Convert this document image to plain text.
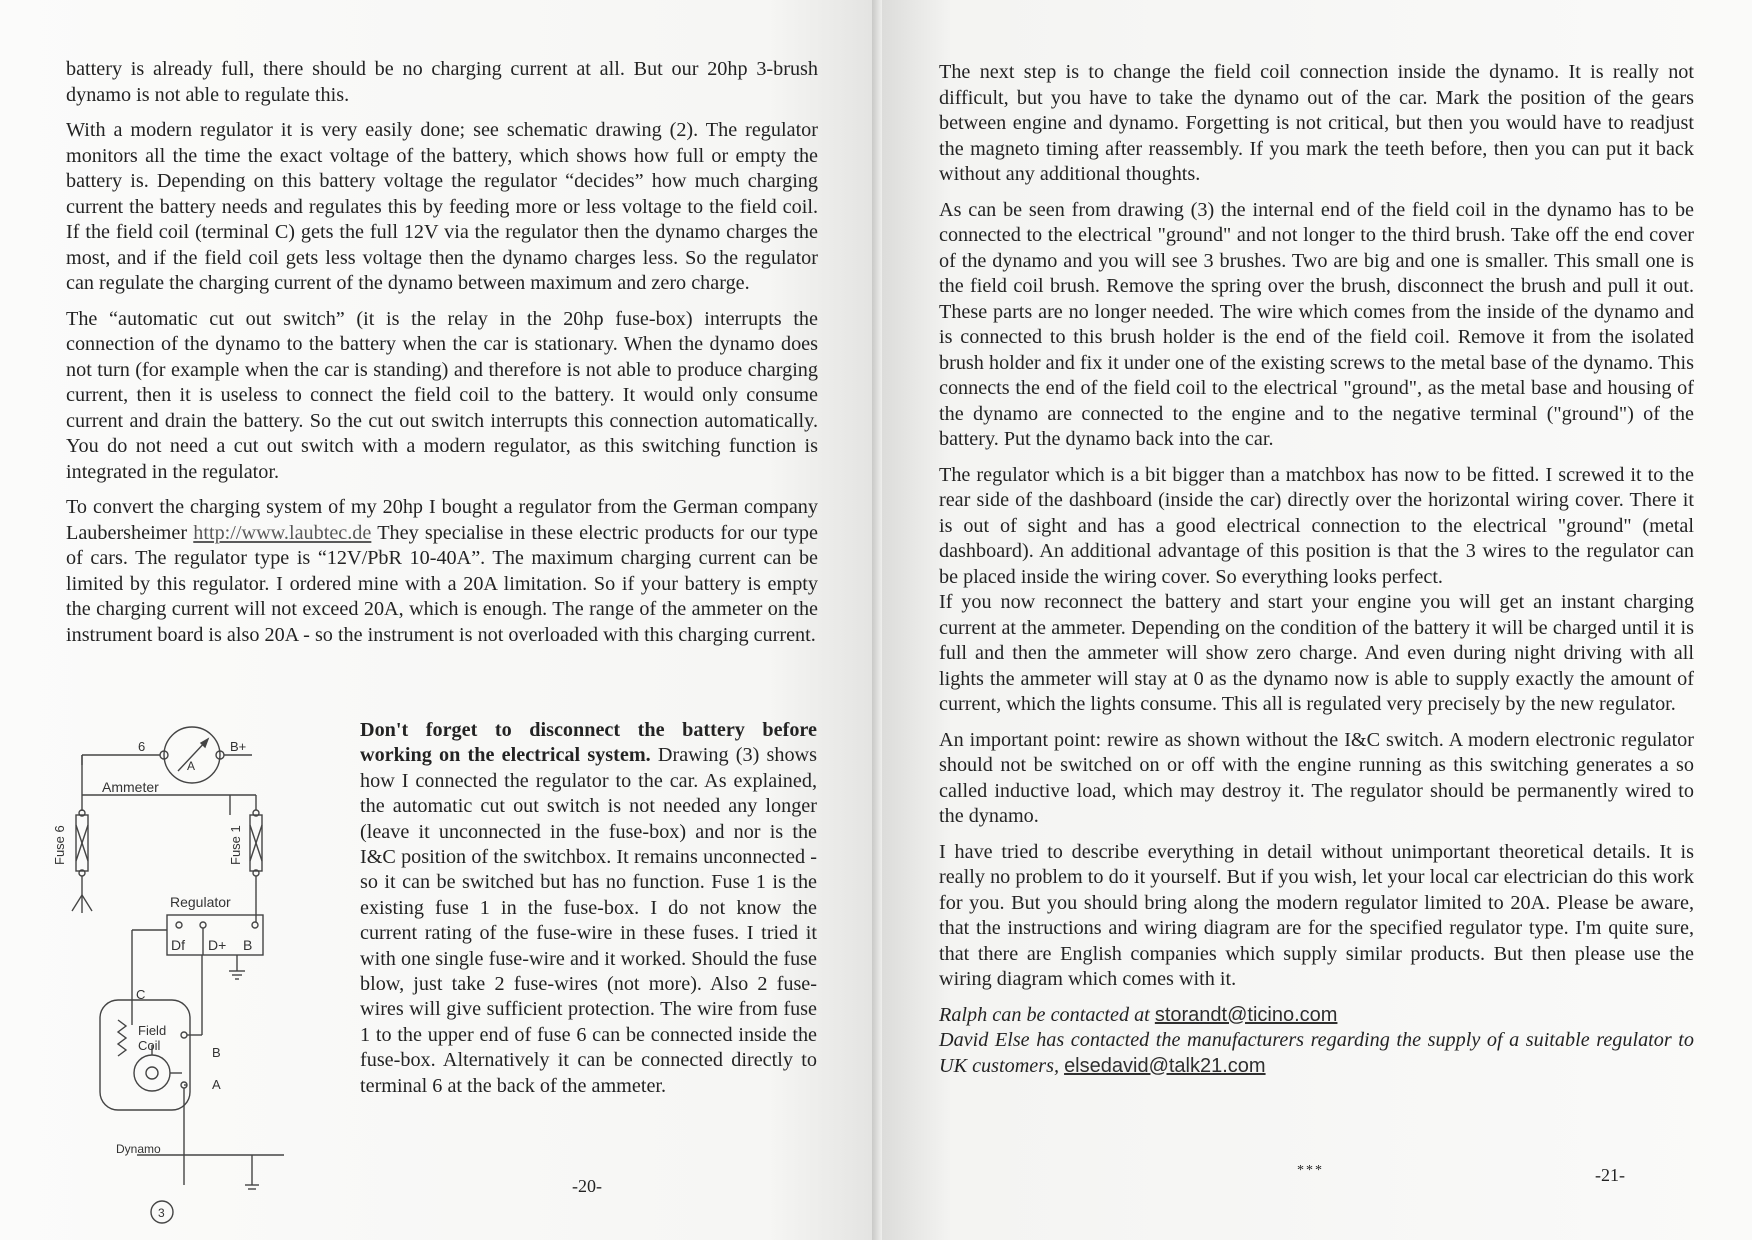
battery is already full, there should be no charging current at all. But our 20hp 3-brush dynamo is not able to regulate this.

With a modern regulator it is very easily done; see schematic drawing (2). The regulator monitors all the time the exact voltage of the battery, which shows how full or empty the battery is. Depending on this battery voltage the regulator “decides” how much charging current the battery needs and regulates this by feeding more or less voltage to the field coil. If the field coil (terminal C) gets the full 12V via the regulator then the dynamo charges the most, and if the field coil gets less voltage then the dynamo charges less. So the regulator can regulate the charging current of the dynamo between maximum and zero charge.

The “automatic cut out switch” (it is the relay in the 20hp fuse-box) interrupts the connection of the dynamo to the battery when the car is stationary. When the dynamo does not turn (for example when the car is standing) and therefore is not able to produce charging current, then it is useless to connect the field coil to the battery. It would only consume current and drain the battery. So the cut out switch interrupts this connection automatically. You do not need a cut out switch with a modern regulator, as this switching function is integrated in the regulator.

To convert the charging system of my 20hp I bought a regulator from the German company Laubersheimer http://www.laubtec.de They specialise in these electric products for our type of cars. The regulator type is “12V/PbR 10-40A”. The maximum charging current can be limited by this regulator. I ordered mine with a 20A limitation. So if your battery is empty the charging current will not exceed 20A, which is enough. The range of the ammeter on the instrument board is also 20A - so the instrument is not overloaded with this charging current.

6	B+
A
Ammeter
Fuse 6	Fuse 1
Regulator
Df D+ B
C
Field
Coil	B
A
Dynamo
3
Don't forget to disconnect the battery before working on the electrical system. Drawing (3) shows how I connected the regulator to the car. As explained, the automatic cut out switch is not needed any longer (leave it unconnected in the fuse-box) and nor is the I&C position of the switchbox. It remains unconnected - so it can be switched but has no function. Fuse 1 is the existing fuse 1 in the fuse-box. I do not know the current rating of the fuse-wire in these fuses. I tried it with one single fuse-wire and it worked. Should the fuse blow, just take 2 fuse-wires (not more). Also 2 fuse-wires will give sufficient protection. The wire from fuse 1 to the upper end of fuse 6 can be connected inside the fuse-box. Alternatively it can be connected directly to terminal 6 at the back of the ammeter.
-20-

The next step is to change the field coil connection inside the dynamo. It is really not difficult, but you have to take the dynamo out of the car. Mark the position of the gears between engine and dynamo. Forgetting is not critical, but then you would have to readjust the magneto timing after reassembly. If you mark the teeth before, then you can put it back without any additional thoughts.

As can be seen from drawing (3) the internal end of the field coil in the dynamo has to be connected to the electrical "ground" and not longer to the third brush. Take off the end cover of the dynamo and you will see 3 brushes. Two are big and one is smaller. This small one is the field coil brush. Remove the spring over the brush, disconnect the brush and pull it out. These parts are no longer needed. The wire which comes from the inside of the dynamo and is connected to this brush holder is the end of the field coil. Remove it from the isolated brush holder and fix it under one of the existing screws to the metal base of the dynamo. This connects the end of the field coil to the electrical "ground", as the metal base and housing of the dynamo are connected to the engine and to the negative terminal ("ground") of the battery. Put the dynamo back into the car.

The regulator which is a bit bigger than a matchbox has now to be fitted. I screwed it to the rear side of the dashboard (inside the car) directly over the horizontal wiring cover. There it is out of sight and has a good electrical connection to the electrical "ground" (metal dashboard). An additional advantage of this position is that the 3 wires to the regulator can be placed inside the wiring cover. So everything looks perfect.

If you now reconnect the battery and start your engine you will get an instant charging current at the ammeter. Depending on the condition of the battery it will be charged until it is full and then the ammeter will show zero charge. And even during night driving with all lights the ammeter will stay at 0 as the dynamo now is able to supply exactly the amount of current, which the lights consume. This all is regulated very precisely by the new regulator.

An important point: rewire as shown without the I&C switch. A modern electronic regulator should not be switched on or off with the engine running as this switching generates a so called inductive load, which may destroy it. The regulator should be permanently wired to the dynamo.

I have tried to describe everything in detail without unimportant theoretical details. It is really no problem to do it yourself. But if you wish, let your local car electrician do this work for you. But you should bring along the modern regulator limited to 20A. Please be aware, that the instructions and wiring diagram are for the specified regulator type. I'm quite sure, that there are English companies which supply similar products. But then please use the wiring diagram which comes with it.

Ralph can be contacted at storandt@ticino.com

David Else has contacted the manufacturers regarding the supply of a suitable regulator to UK customers, elsedavid@talk21.com

***	-21-
